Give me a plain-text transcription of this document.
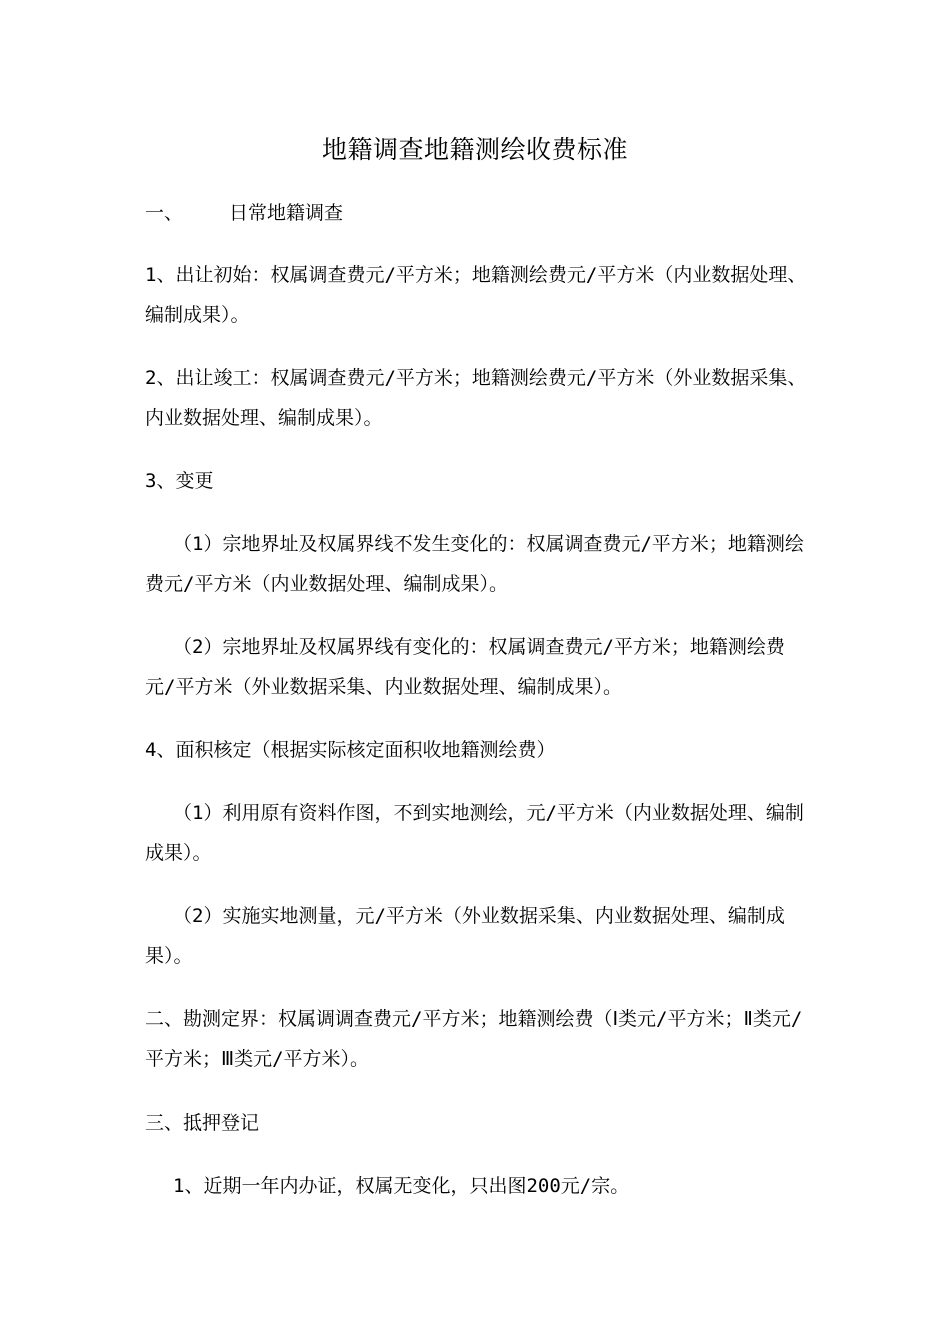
地籍调查地籍测绘收费标准
一、 日常地籍调查
1、出让初始：权属调查费元/平方米；地籍测绘费元/平方米（内业数据处理、编制成果）。
2、出让竣工：权属调查费元/平方米；地籍测绘费元/平方米（外业数据采集、内业数据处理、编制成果）。
3、变更
（1）宗地界址及权属界线不发生变化的：权属调查费元/平方米；地籍测绘费元/平方米（内业数据处理、编制成果）。
（2）宗地界址及权属界线有变化的：权属调查费元/平方米；地籍测绘费元/平方米（外业数据采集、内业数据处理、编制成果）。
4、面积核定（根据实际核定面积收地籍测绘费）
（1）利用原有资料作图，不到实地测绘，元/平方米（内业数据处理、编制成果）。
（2）实施实地测量，元/平方米（外业数据采集、内业数据处理、编制成果）。
二、勘测定界：权属调调查费元/平方米；地籍测绘费（Ⅰ类元/平方米；Ⅱ类元/平方米；Ⅲ类元/平方米）。
三、抵押登记
1、近期一年内办证，权属无变化，只出图200元/宗。
